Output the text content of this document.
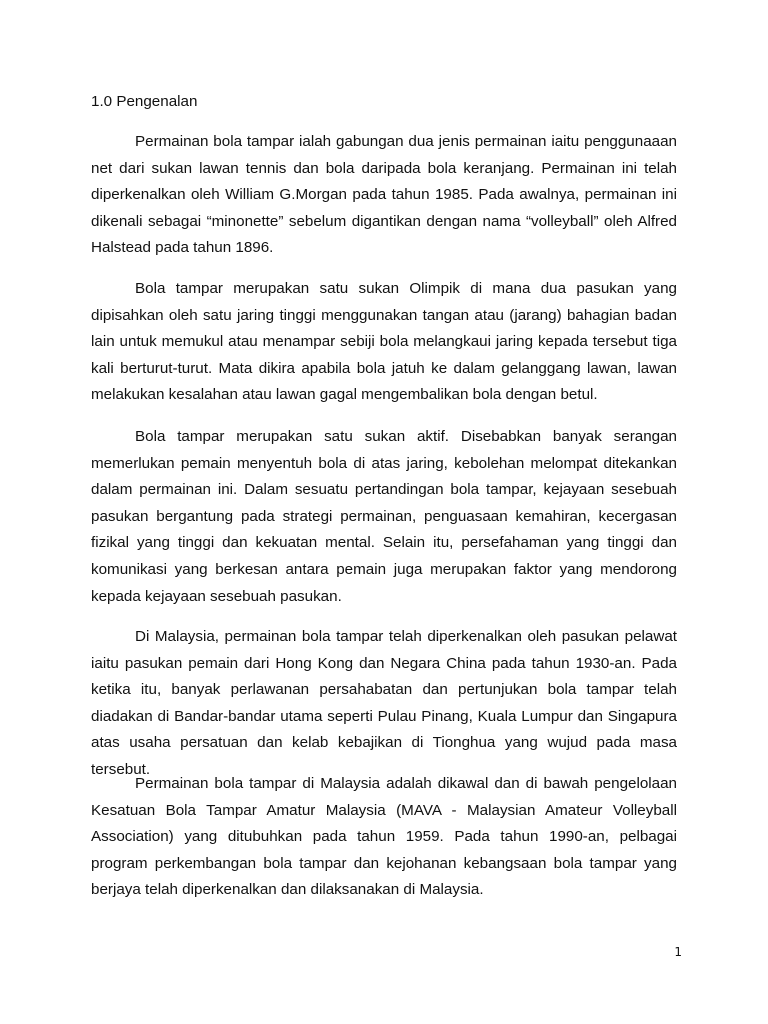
1.0 Pengenalan

Permainan bola tampar ialah gabungan dua jenis permainan iaitu penggunaaan net dari sukan lawan tennis dan bola daripada bola keranjang. Permainan ini telah diperkenalkan oleh William G.Morgan pada tahun 1985. Pada awalnya, permainan ini dikenali sebagai “minonette” sebelum digantikan dengan nama “volleyball” oleh Alfred Halstead pada tahun 1896.

Bola tampar merupakan satu sukan Olimpik di mana dua pasukan yang dipisahkan oleh satu jaring tinggi menggunakan tangan atau (jarang) bahagian badan lain untuk memukul atau menampar sebiji bola melangkaui jaring kepada tersebut tiga kali berturut-turut. Mata dikira apabila bola jatuh ke dalam gelanggang lawan, lawan melakukan kesalahan atau lawan gagal mengembalikan bola dengan betul.

Bola tampar merupakan satu sukan aktif. Disebabkan banyak serangan memerlukan pemain menyentuh bola di atas jaring, kebolehan melompat ditekankan dalam permainan ini. Dalam sesuatu pertandingan bola tampar, kejayaan sesebuah pasukan bergantung pada strategi permainan, penguasaan kemahiran, kecergasan fizikal yang tinggi dan kekuatan mental. Selain itu, persefahaman yang tinggi dan komunikasi yang berkesan antara pemain juga merupakan faktor yang mendorong kepada kejayaan sesebuah pasukan.

Di Malaysia, permainan bola tampar telah diperkenalkan oleh pasukan pelawat iaitu pasukan pemain dari Hong Kong dan Negara China pada tahun 1930-an. Pada ketika itu, banyak perlawanan persahabatan dan pertunjukan bola tampar telah diadakan di Bandar-bandar utama seperti Pulau Pinang, Kuala Lumpur dan Singapura atas usaha persatuan dan kelab kebajikan di Tionghua yang wujud pada masa tersebut.

Permainan bola tampar di Malaysia adalah dikawal dan di bawah pengelolaan Kesatuan Bola Tampar Amatur Malaysia (MAVA - Malaysian Amateur Volleyball Association) yang ditubuhkan pada tahun 1959. Pada tahun 1990-an, pelbagai program perkembangan bola tampar dan kejohanan kebangsaan bola tampar yang berjaya telah diperkenalkan dan dilaksanakan di Malaysia.

1
